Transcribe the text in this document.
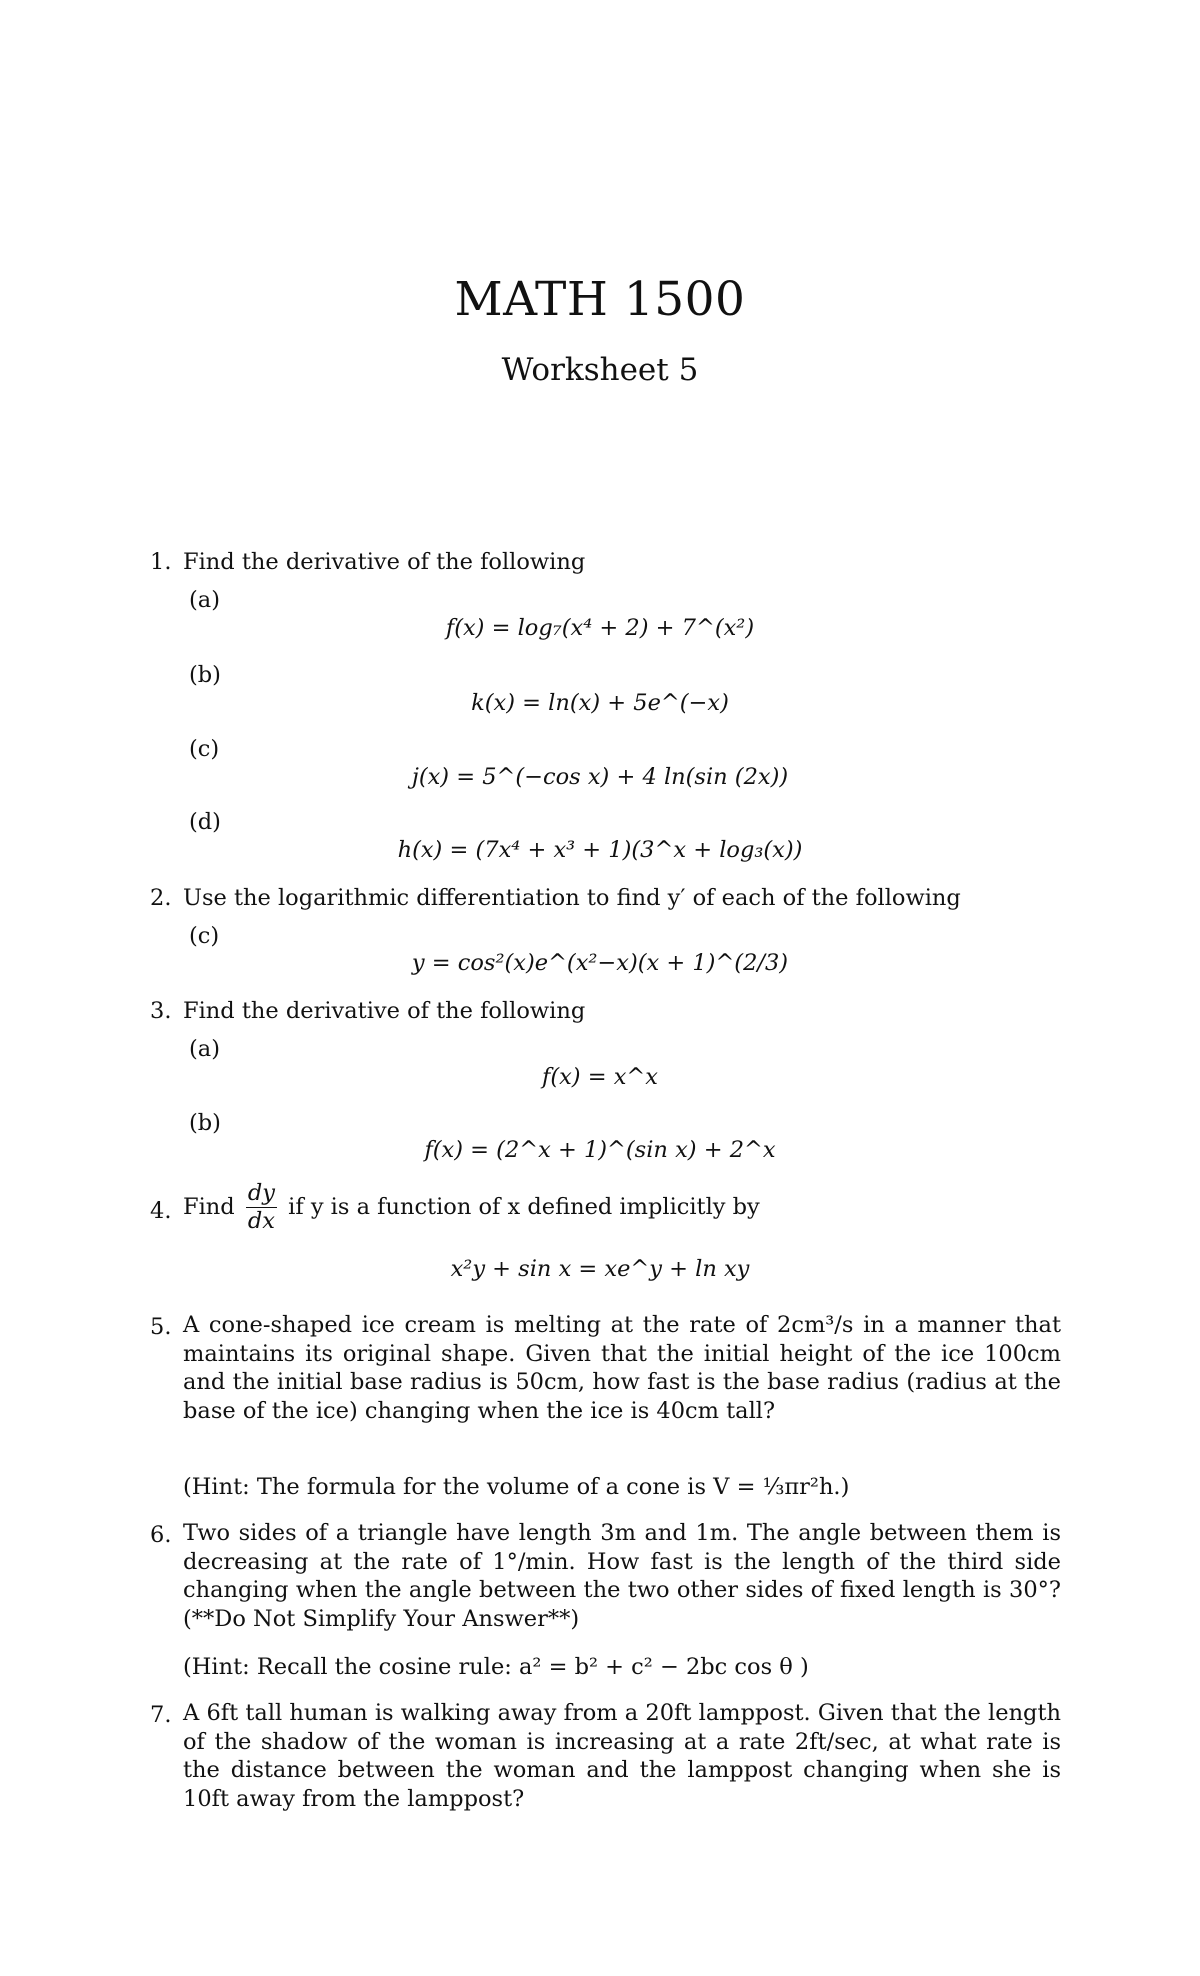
MATH 1500
Worksheet 5
1. Find the derivative of the following
(a)
f(x) = log₇(x⁴ + 2) + 7^(x²)
(b)
k(x) = ln(x) + 5e^(−x)
(c)
j(x) = 5^(−cos x) + 4 ln(sin (2x))
(d)
h(x) = (7x⁴ + x³ + 1)(3^x + log₃(x))
2. Use the logarithmic differentiation to find y′ of each of the following
(c)
y = cos²(x)e^(x²−x)(x + 1)^(2/3)
3. Find the derivative of the following
(a)
f(x) = x^x
(b)
f(x) = (2^x + 1)^(sin x) + 2^x
4. Find $\frac{dy}{dx}$ if y is a function of x defined implicitly by
x²y + sin x = xe^y + ln xy
5. A cone-shaped ice cream is melting at the rate of 2cm³/s in a manner that maintains its original shape. Given that the initial height of the ice 100cm and the initial base radius is 50cm, how fast is the base radius (radius at the base of the ice) changing when the ice is 40cm tall?
(Hint: The formula for the volume of a cone is V = ⅓πr²h.)
6. Two sides of a triangle have length 3m and 1m. The angle between them is decreasing at the rate of 1°/min. How fast is the length of the third side changing when the angle between the two other sides of fixed length is 30°? (**Do Not Simplify Your Answer**)
(Hint: Recall the cosine rule: a² = b² + c² − 2bc cos θ )
7. A 6ft tall human is walking away from a 20ft lamppost. Given that the length of the shadow of the woman is increasing at a rate 2ft/sec, at what rate is the distance between the woman and the lamppost changing when she is 10ft away from the lamppost?
